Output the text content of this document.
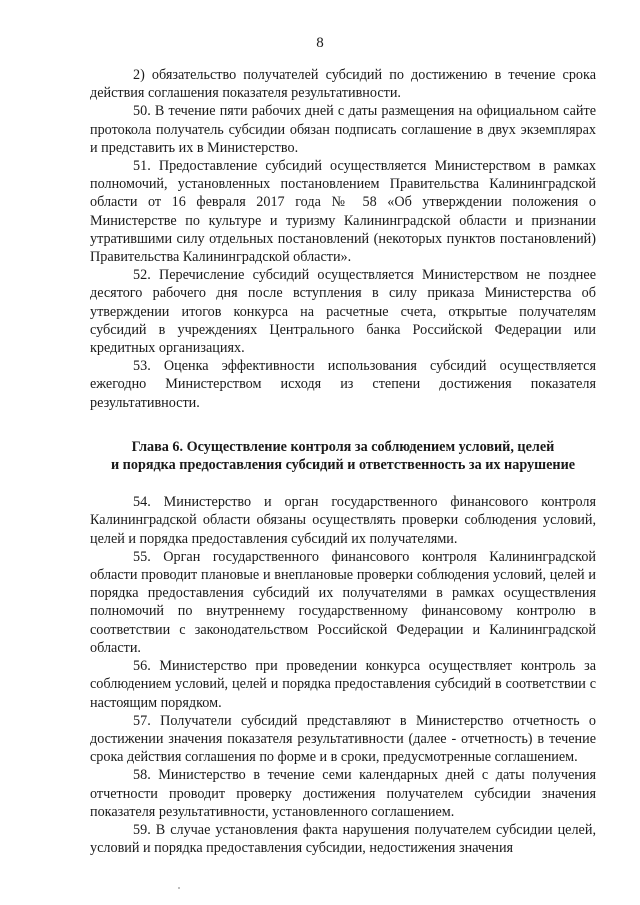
8

2) обязательство получателей субсидий по достижению в течение срока действия соглашения показателя результативности.

50. В течение пяти рабочих дней с даты размещения на официальном сайте протокола получатель субсидии обязан подписать соглашение в двух экземплярах и представить их в Министерство.

51. Предоставление субсидий осуществляется Министерством в рамках полномочий, установленных постановлением Правительства Калининградской области от 16 февраля 2017 года № 58 «Об утверждении положения о Министерстве по культуре и туризму Калининградской области и признании утратившими силу отдельных постановлений (некоторых пунктов постановлений) Правительства Калининградской области».

52. Перечисление субсидий осуществляется Министерством не позднее десятого рабочего дня после вступления в силу приказа Министерства об утверждении итогов конкурса на расчетные счета, открытые получателям субсидий в учреждениях Центрального банка Российской Федерации или кредитных организациях.

53. Оценка эффективности использования субсидий осуществляется ежегодно Министерством исходя из степени достижения показателя результативности.

Глава 6. Осуществление контроля за соблюдением условий, целей
и порядка предоставления субсидий и ответственность за их нарушение

54. Министерство и орган государственного финансового контроля Калининградской области обязаны осуществлять проверки соблюдения условий, целей и порядка предоставления субсидий их получателями.

55. Орган государственного финансового контроля Калининградской области проводит плановые и внеплановые проверки соблюдения условий, целей и порядка предоставления субсидий их получателями в рамках осуществления полномочий по внутреннему государственному финансовому контролю в соответствии с законодательством Российской Федерации и Калининградской области.

56. Министерство при проведении конкурса осуществляет контроль за соблюдением условий, целей и порядка предоставления субсидий в соответствии с настоящим порядком.

57. Получатели субсидий представляют в Министерство отчетность о достижении значения показателя результативности (далее - отчетность) в течение срока действия соглашения по форме и в сроки, предусмотренные соглашением.

58. Министерство в течение семи календарных дней с даты получения отчетности проводит проверку достижения получателем субсидии значения показателя результативности, установленного соглашением.

59. В случае установления факта нарушения получателем субсидии целей, условий и порядка предоставления субсидии, недостижения значения
